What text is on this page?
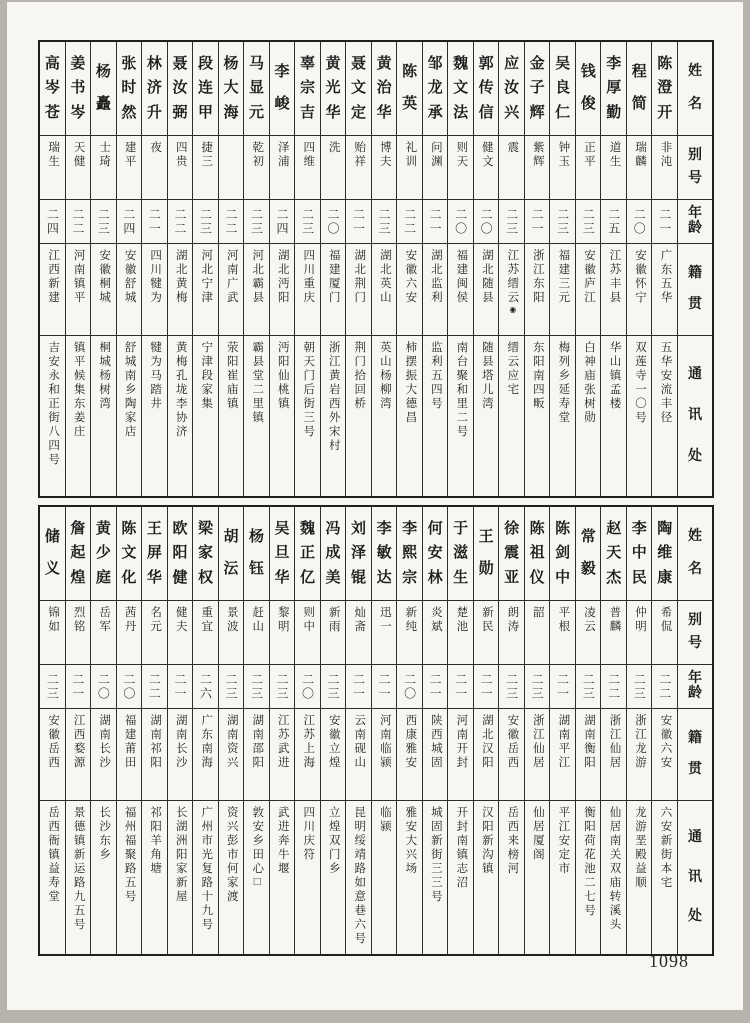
陈
澄
开
非沌
二一
广东五华
五华安流丰径
程
简
瑞麟
二〇
安徽怀宁
双莲寺一〇号
李
厚
勤
道生
二五
江苏丰县
华山镇孟楼
钱
俊
正平
二三
安徽庐江
白神庙张树勋
吴
良
仁
钟玉
二三
福建三元
梅列乡延寿堂
金
子
辉
紫辉
二一
浙江东阳
东阳南四畈
应
汝
兴
震
二三
江苏缙云◉
缙云应宅
郭
传
信
健文
二〇
湖北随县
随县塔儿湾
魏
文
法
则天
二〇
福建闽侯
南台聚和里二号
邹
龙
承
问渊
二一
湖北监利
监利五四号
陈
英
礼训
二二
安徽六安
柿摆振大德昌
黄
治
华
博夫
二三
湖北英山
英山杨柳湾
聂
文
定
贻祥
二一
湖北荆门
荆门拾回桥
黄
光
华
洗
二〇
福建厦门
浙江黄岩西外宋村
辜
宗
吉
四维
二三
四川重庆
朝天门后街三号
李
峻
泽浦
二四
湖北沔阳
沔阳仙桃镇
马
显
元
乾初
二三
河北霸县
霸县堂二里镇
杨
大
海
二二
河南广武
荥阳崔庙镇
段
连
甲
捷三
二三
河北宁津
宁津段家集
聂
汝
弼
四贵
二二
湖北黄梅
黄梅孔垅李协济
林
济
升
夜
二一
四川犍为
犍为马踏井
张
时
然
建平
二四
安徽舒城
舒城南乡陶家店
杨
矗
士琦
二三
安徽桐城
桐城杨树湾
姜
书
岑
天健
二二
河南镇平
镇平候集东姜庄
高
岑
苍
瑞生
二四
江西新建
吉安永和正街八四号
姓
名
别
号
年
龄
籍
贯
通
讯
处
陶
维
康
希侃
二二
安徽六安
六安新街本宅
李
中
民
仲明
二三
浙江龙游
龙游垩殿益顺
赵
天
杰
普麟
二二
浙江仙居
仙居南关双庙转溪头
常
毅
凌云
二三
湖南衡阳
衡阳荷花池二七号
陈
剑
中
平根
二一
湖南平江
平江安定市
陈
祖
仪
韶
二三
浙江仙居
仙居厦阁
徐
震
亚
朗涛
二三
安徽岳西
岳西来榜河
王
勋
新民
二一
湖北汉阳
汉阳新沟镇
于
滋
生
楚池
二一
河南开封
开封南镇志沼
何
安
林
炎斌
二一
陕西城固
城固新街三三号
李
熙
宗
新纯
二〇
西康雅安
雅安大兴场
李
敏
达
迅一
二一
河南临颍
临颍
刘
泽
锟
灿斋
二一
云南砚山
昆明绥靖路如意巷六号
冯
成
美
新雨
二三
安徽立煌
立煌双门乡
魏
正
亿
则中
二〇
江苏上海
四川庆符
吴
旦
华
黎明
二三
江苏武进
武进奔牛堰
杨
钰
赶山
二三
湖南邵阳
敦安乡田心□
胡
沄
景波
二三
湖南资兴
资兴彭市何家渡
梁
家
权
重宜
二六
广东南海
广州市光复路十九号
欧
阳
健
健夫
二一
湖南长沙
长湖洲阳家新屋
王
屏
华
名元
二二
湖南祁阳
祁阳羊角塘
陈
文
化
茜丹
二〇
福建莆田
福州福聚路五号
黄
少
庭
岳军
二〇
湖南长沙
长沙东乡
詹
起
煌
烈铭
二一
江西婺源
景德镇新运路九五号
储
义
锦如
二三
安徽岳西
岳西衙镇益寿堂
姓
名
别
号
年
龄
籍
贯
通
讯
处
1098
